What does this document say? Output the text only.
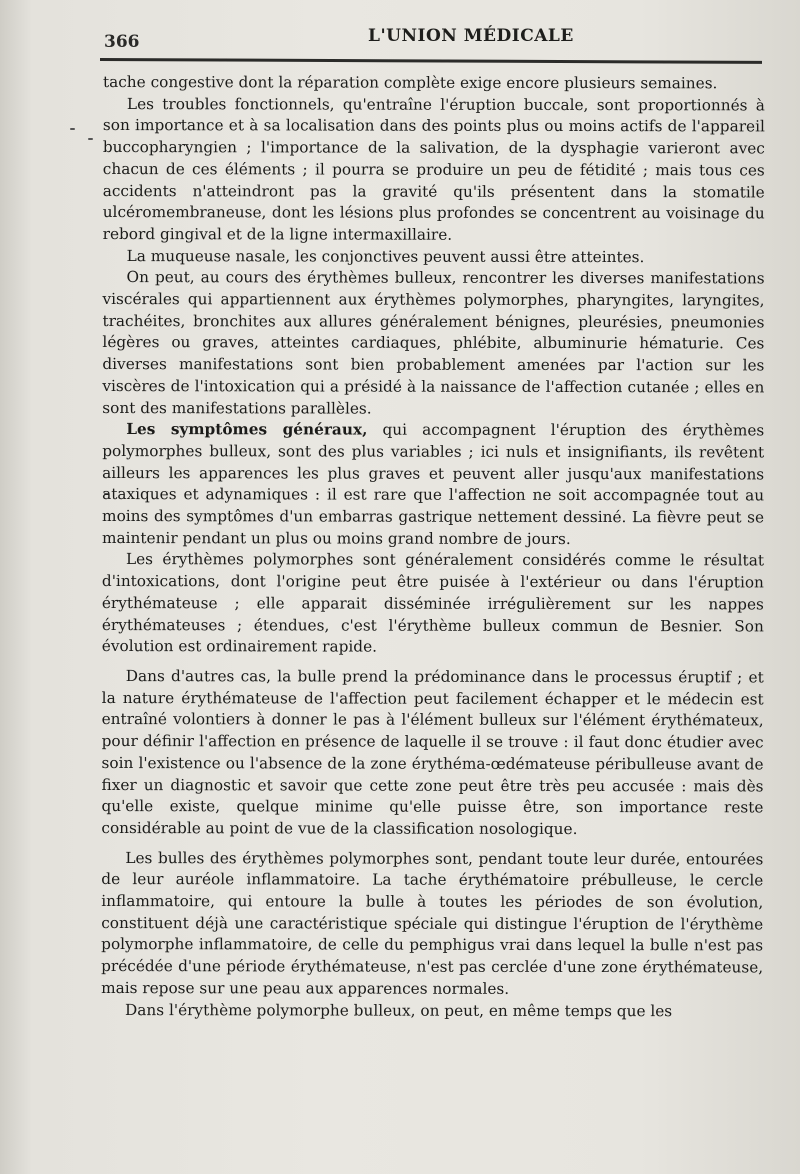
366	L'UNION MÉDICALE

tache congestive dont la réparation complète exige encore plusieurs semaines.

Les troubles fonctionnels, qu'entraîne l'éruption buccale, sont proportionnés à son importance et à sa localisation dans des points plus ou moins actifs de l'appareil buccopharyngien ; l'importance de la salivation, de la dysphagie varieront avec chacun de ces éléments ; il pourra se produire un peu de fétidité ; mais tous ces accidents n'atteindront pas la gravité qu'ils présentent dans la stomatile ulcéromembraneuse, dont les lésions plus profondes se concentrent au voisinage du rebord gingival et de la ligne intermaxillaire.

La muqueuse nasale, les conjonctives peuvent aussi être atteintes.

On peut, au cours des érythèmes bulleux, rencontrer les diverses manifestations viscérales qui appartiennent aux érythèmes polymorphes, pharyngites, laryngites, trachéites, bronchites aux allures généralement bénignes, pleurésies, pneumonies légères ou graves, atteintes cardiaques, phlébite, albuminurie hématurie. Ces diverses manifestations sont bien probablement amenées par l'action sur les viscères de l'intoxication qui a présidé à la naissance de l'affection cutanée ; elles en sont des manifestations parallèles.

Les symptômes généraux, qui accompagnent l'éruption des érythèmes polymorphes bulleux, sont des plus variables ; ici nuls et insignifiants, ils revêtent ailleurs les apparences les plus graves et peuvent aller jusqu'aux manifestations ataxiques et adynamiques : il est rare que l'affection ne soit accompagnée tout au moins des symptômes d'un embarras gastrique nettement dessiné. La fièvre peut se maintenir pendant un plus ou moins grand nombre de jours.

Les érythèmes polymorphes sont généralement considérés comme le résultat d'intoxications, dont l'origine peut être puisée à l'extérieur ou dans l'éruption érythémateuse ; elle apparait disséminée irrégulièrement sur les nappes érythémateuses ; étendues, c'est l'érythème bulleux commun de Besnier. Son évolution est ordinairement rapide.

Dans d'autres cas, la bulle prend la prédominance dans le processus éruptif ; et la nature érythémateuse de l'affection peut facilement échapper et le médecin est entraîné volontiers à donner le pas à l'élément bulleux sur l'élément érythémateux, pour définir l'affection en présence de laquelle il se trouve : il faut donc étudier avec soin l'existence ou l'absence de la zone érythéma-œdémateuse péribulleuse avant de fixer un diagnostic et savoir que cette zone peut être très peu accusée : mais dès qu'elle existe, quelque minime qu'elle puisse être, son importance reste considérable au point de vue de la classification nosologique.

Les bulles des érythèmes polymorphes sont, pendant toute leur durée, entourées de leur auréole inflammatoire. La tache érythématoire prébulleuse, le cercle inflammatoire, qui entoure la bulle à toutes les périodes de son évolution, constituent déjà une caractéristique spéciale qui distingue l'éruption de l'érythème polymorphe inflammatoire, de celle du pemphigus vrai dans lequel la bulle n'est pas précédée d'une période érythémateuse, n'est pas cerclée d'une zone érythémateuse, mais repose sur une peau aux apparences normales.

Dans l'érythème polymorphe bulleux, on peut, en même temps que les
